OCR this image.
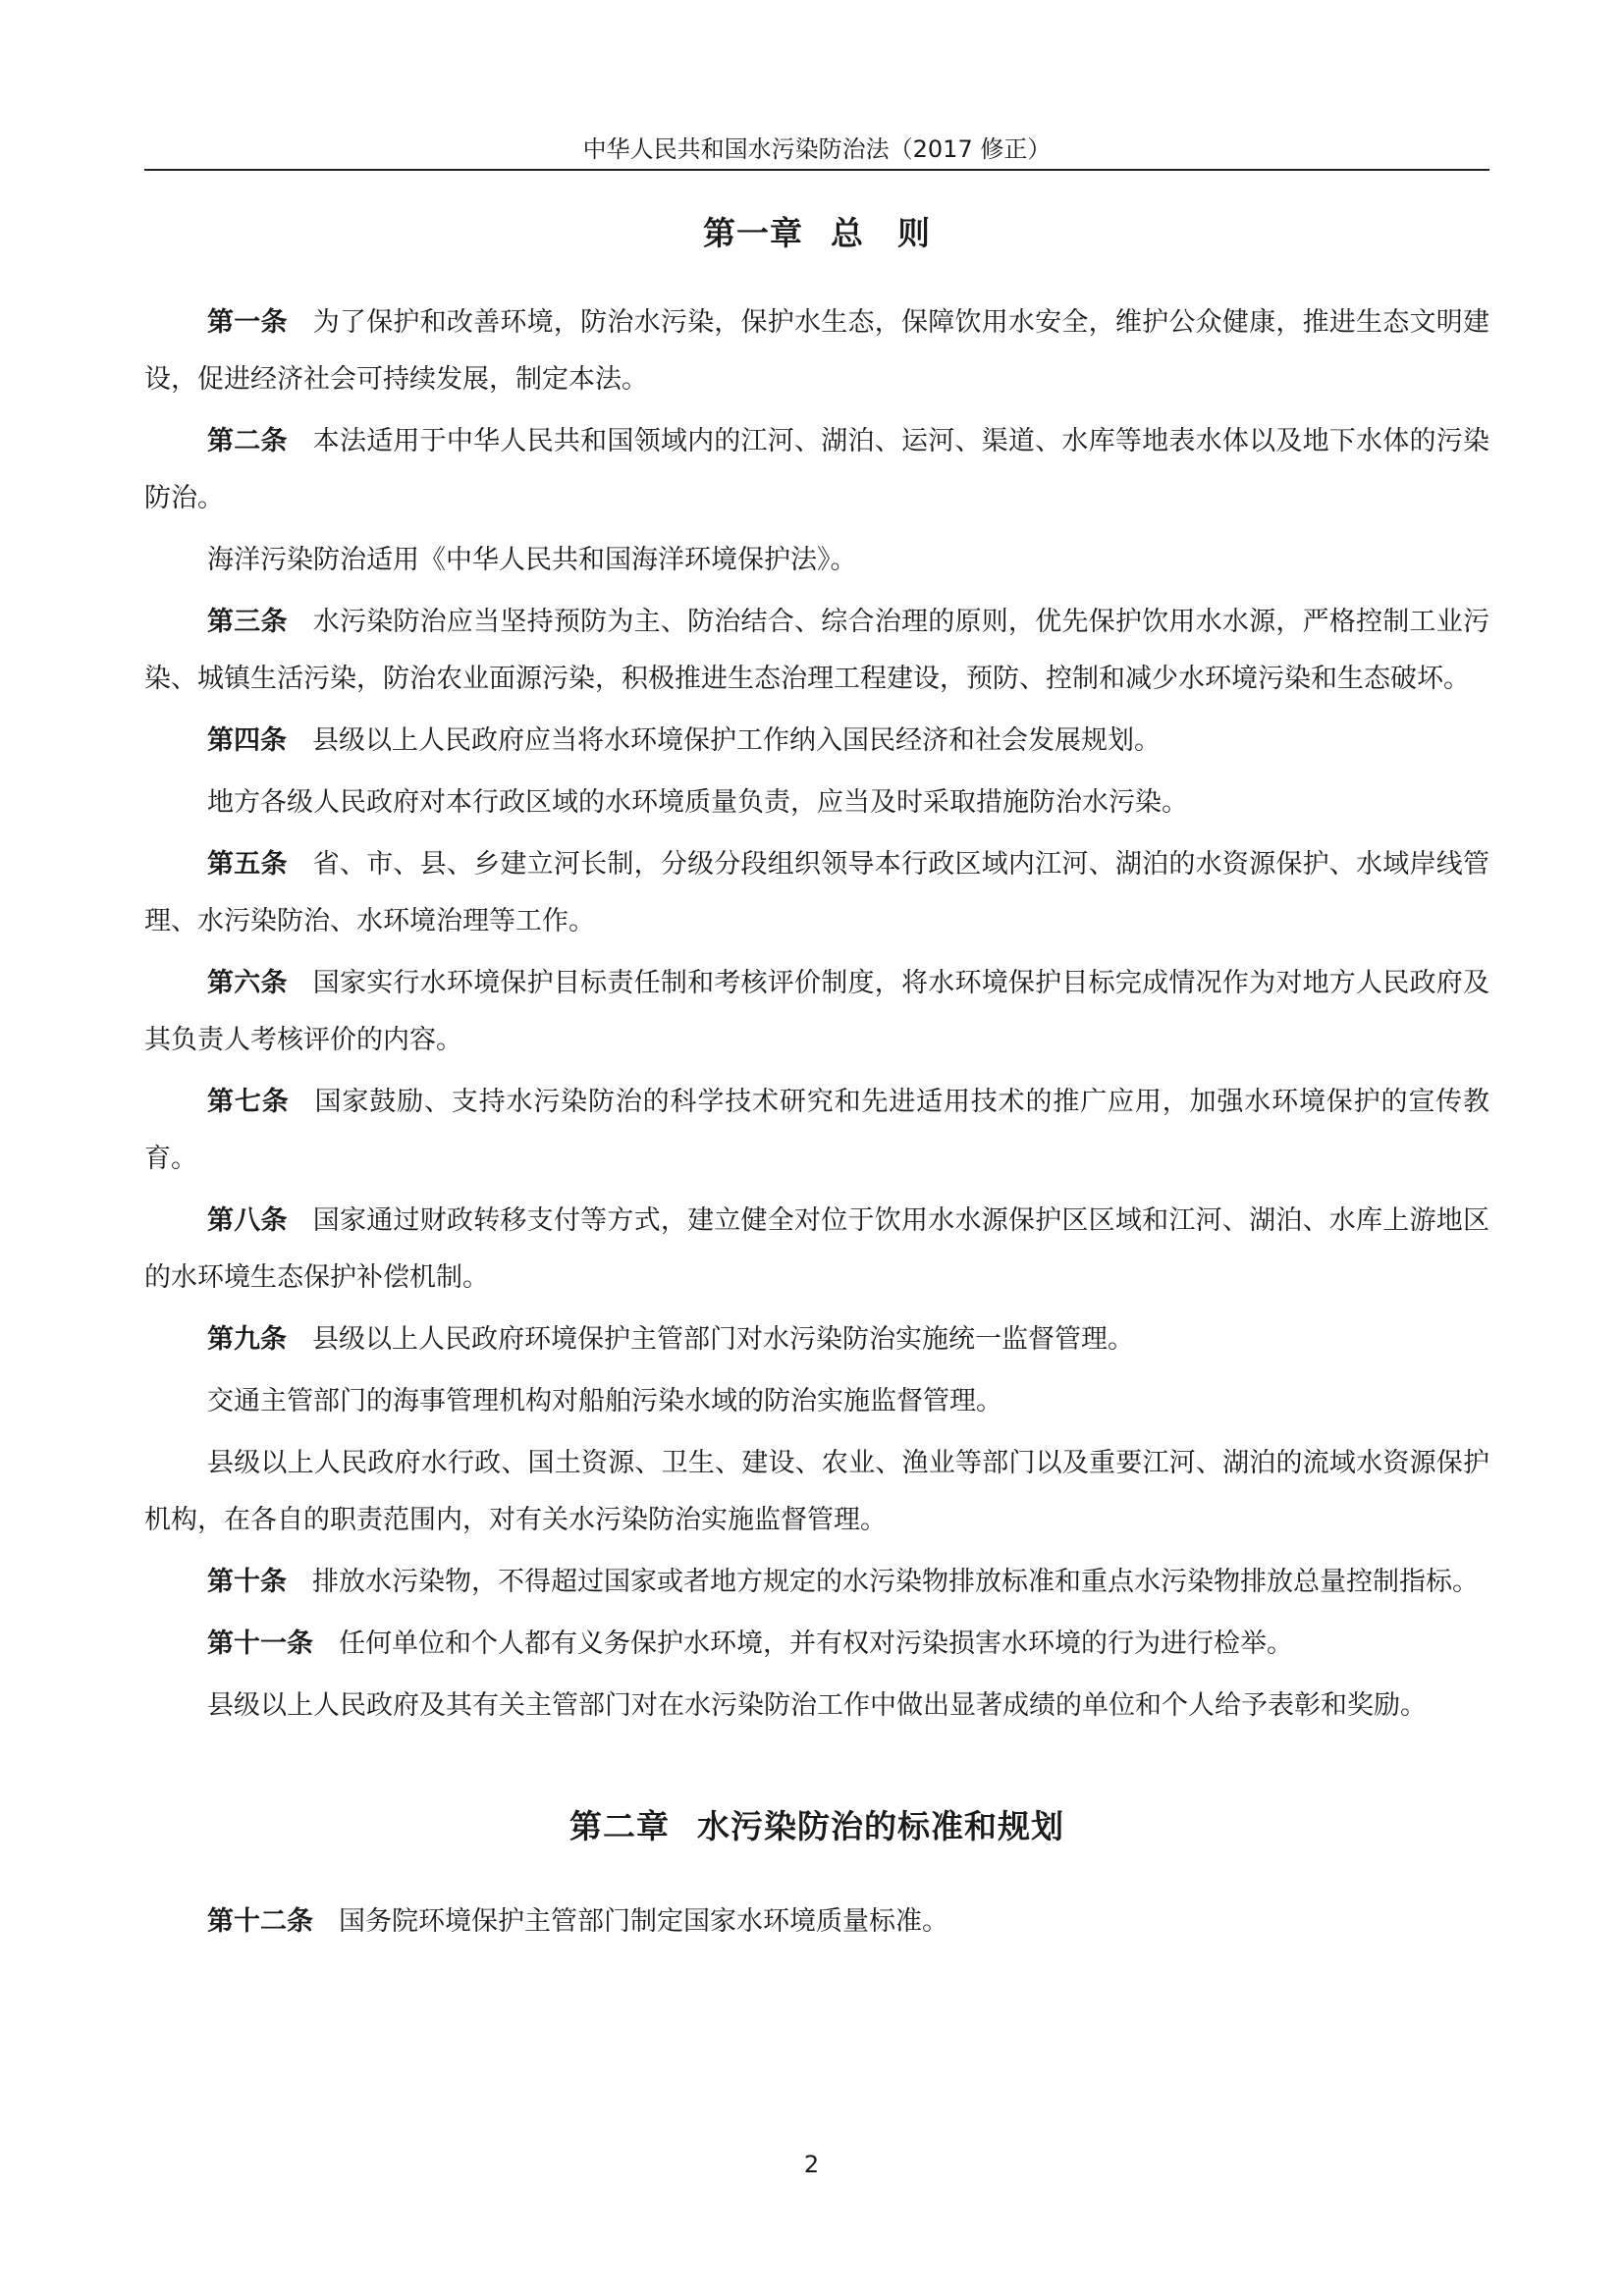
中华人民共和国水污染防治法（2017 修正）
第一章 总　则

第一条 为了保护和改善环境，防治水污染，保护水生态，保障饮用水安全，维护公众健康，推进生态文明建设，促进经济社会可持续发展，制定本法。

第二条 本法适用于中华人民共和国领域内的江河、湖泊、运河、渠道、水库等地表水体以及地下水体的污染防治。

海洋污染防治适用《中华人民共和国海洋环境保护法》。

第三条 水污染防治应当坚持预防为主、防治结合、综合治理的原则，优先保护饮用水水源，严格控制工业污染、城镇生活污染，防治农业面源污染，积极推进生态治理工程建设，预防、控制和减少水环境污染和生态破坏。

第四条 县级以上人民政府应当将水环境保护工作纳入国民经济和社会发展规划。

地方各级人民政府对本行政区域的水环境质量负责，应当及时采取措施防治水污染。

第五条 省、市、县、乡建立河长制，分级分段组织领导本行政区域内江河、湖泊的水资源保护、水域岸线管理、水污染防治、水环境治理等工作。

第六条 国家实行水环境保护目标责任制和考核评价制度，将水环境保护目标完成情况作为对地方人民政府及其负责人考核评价的内容。

第七条 国家鼓励、支持水污染防治的科学技术研究和先进适用技术的推广应用，加强水环境保护的宣传教育。

第八条 国家通过财政转移支付等方式，建立健全对位于饮用水水源保护区区域和江河、湖泊、水库上游地区的水环境生态保护补偿机制。

第九条 县级以上人民政府环境保护主管部门对水污染防治实施统一监督管理。

交通主管部门的海事管理机构对船舶污染水域的防治实施监督管理。

县级以上人民政府水行政、国土资源、卫生、建设、农业、渔业等部门以及重要江河、湖泊的流域水资源保护机构，在各自的职责范围内，对有关水污染防治实施监督管理。

第十条 排放水污染物，不得超过国家或者地方规定的水污染物排放标准和重点水污染物排放总量控制指标。

第十一条 任何单位和个人都有义务保护水环境，并有权对污染损害水环境的行为进行检举。

县级以上人民政府及其有关主管部门对在水污染防治工作中做出显著成绩的单位和个人给予表彰和奖励。

第二章 水污染防治的标准和规划

第十二条 国务院环境保护主管部门制定国家水环境质量标准。

2
